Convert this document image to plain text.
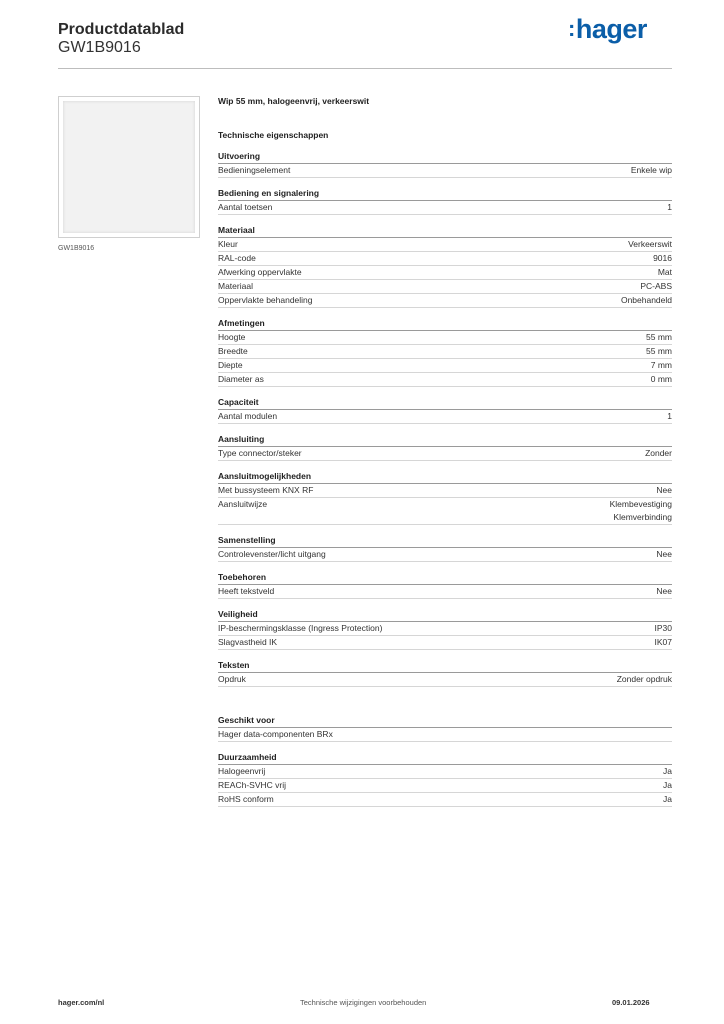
Productdatablad
GW1B9016
:hager
GW1B9016
Wip 55 mm, halogeenvrij, verkeerswit
Technische eigenschappen
Uitvoering
Bedieningselement	Enkele wip
Bediening en signalering
Aantal toetsen	1
Materiaal
Kleur	Verkeerswit
RAL-code	9016
Afwerking oppervlakte	Mat
Materiaal	PC-ABS
Oppervlakte behandeling	Onbehandeld
Afmetingen
Hoogte	55 mm
Breedte	55 mm
Diepte	7 mm
Diameter as	0 mm
Capaciteit
Aantal modulen	1
Aansluiting
Type connector/steker	Zonder
Aansluitmogelijkheden
Met bussysteem KNX RF	Nee
Aansluitwijze	Klembevestiging
Klemverbinding
Samenstelling
Controlevenster/licht uitgang	Nee
Toebehoren
Heeft tekstveld	Nee
Veiligheid
IP-beschermingsklasse (Ingress Protection)	IP30
Slagvastheid IK	IK07
Teksten
Opdruk	Zonder opdruk
Geschikt voor
Hager data-componenten BRx
Duurzaamheid
Halogeenvrij	Ja
REACh-SVHC vrij	Ja
RoHS conform	Ja
hager.com/nl	Technische wijzigingen voorbehouden	09.01.2026
